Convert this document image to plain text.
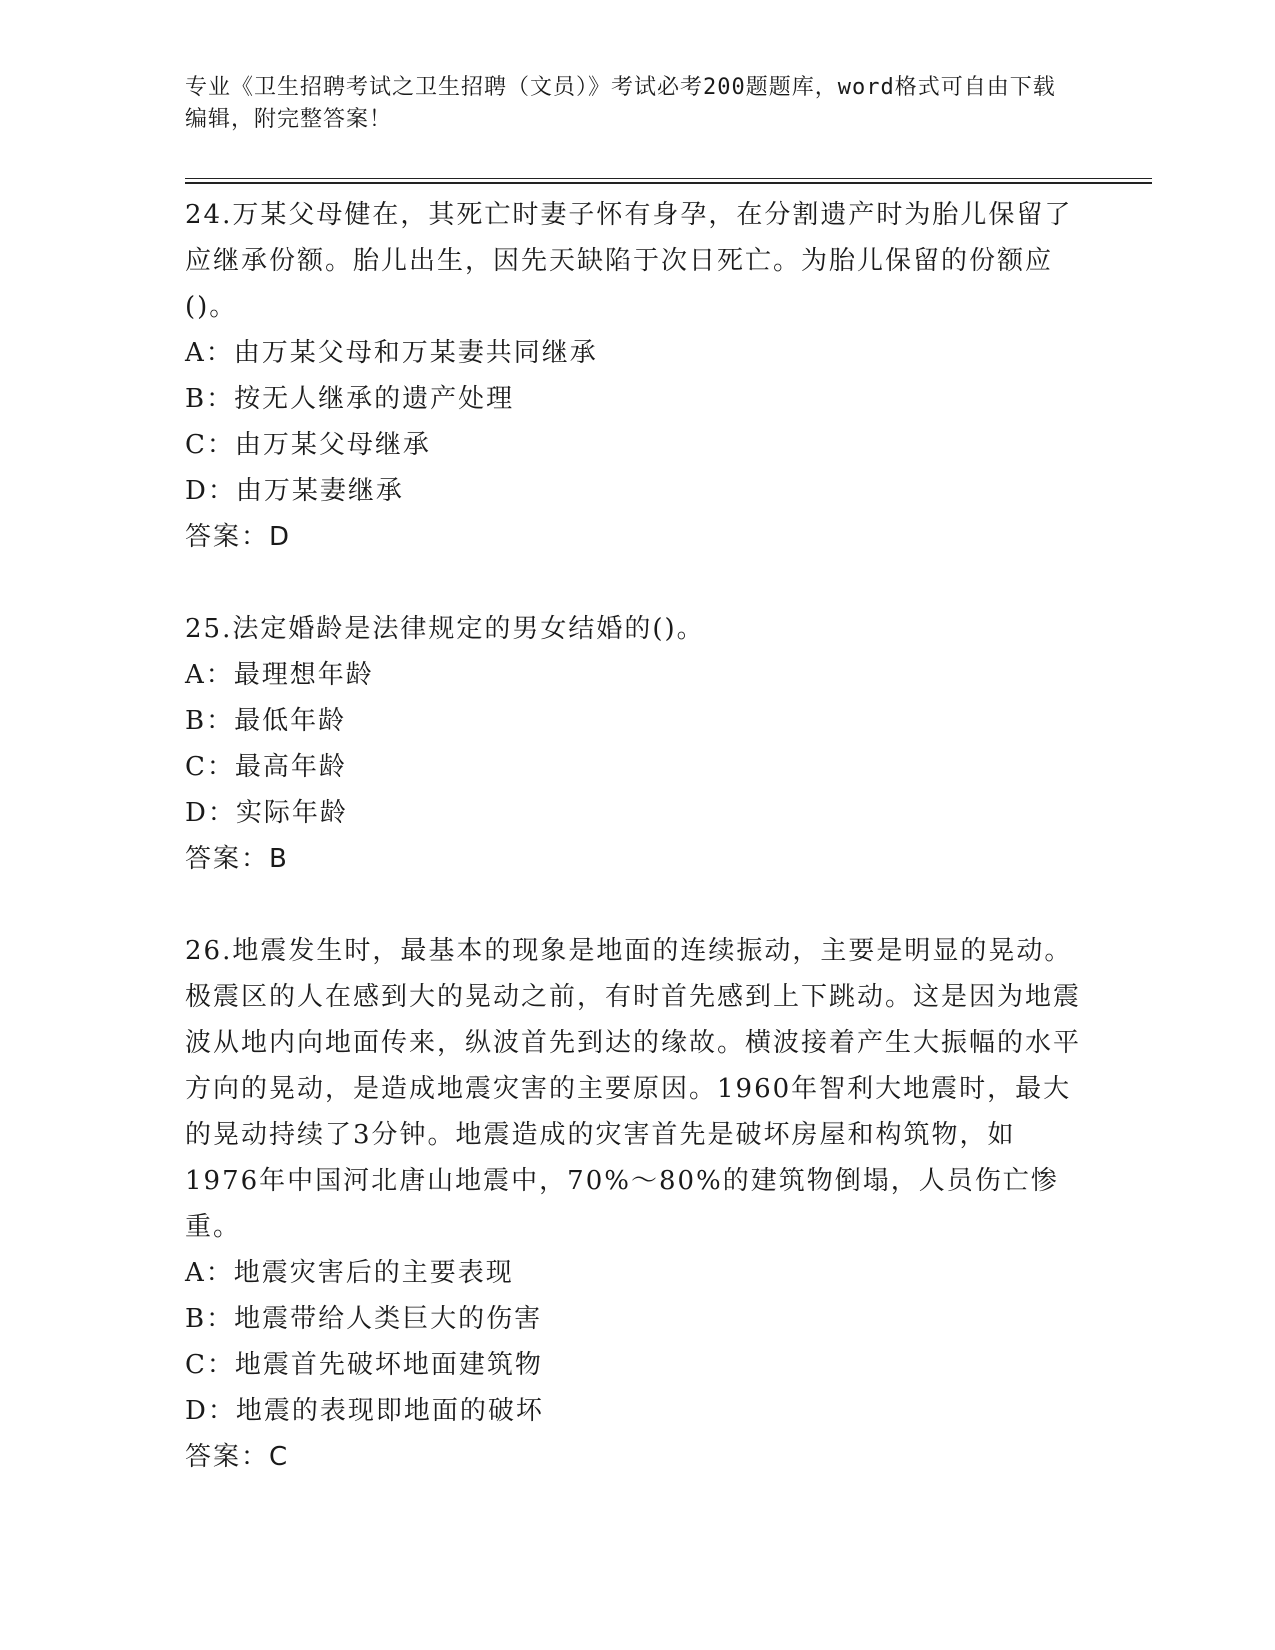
专业《卫生招聘考试之卫生招聘（文员）》考试必考200题题库，word格式可自由下载编辑，附完整答案！

24.万某父母健在，其死亡时妻子怀有身孕，在分割遗产时为胎儿保留了应继承份额。胎儿出生，因先天缺陷于次日死亡。为胎儿保留的份额应()。

A：由万某父母和万某妻共同继承

B：按无人继承的遗产处理

C：由万某父母继承

D：由万某妻继承

答案：D

25.法定婚龄是法律规定的男女结婚的()。

A：最理想年龄

B：最低年龄

C：最高年龄

D：实际年龄

答案：B

26.地震发生时，最基本的现象是地面的连续振动，主要是明显的晃动。极震区的人在感到大的晃动之前，有时首先感到上下跳动。这是因为地震波从地内向地面传来，纵波首先到达的缘故。横波接着产生大振幅的水平方向的晃动，是造成地震灾害的主要原因。1960年智利大地震时，最大的晃动持续了3分钟。地震造成的灾害首先是破坏房屋和构筑物，如1976年中国河北唐山地震中，70%～80%的建筑物倒塌，人员伤亡惨重。

A：地震灾害后的主要表现

B：地震带给人类巨大的伤害

C：地震首先破坏地面建筑物

D：地震的表现即地面的破坏

答案：C
